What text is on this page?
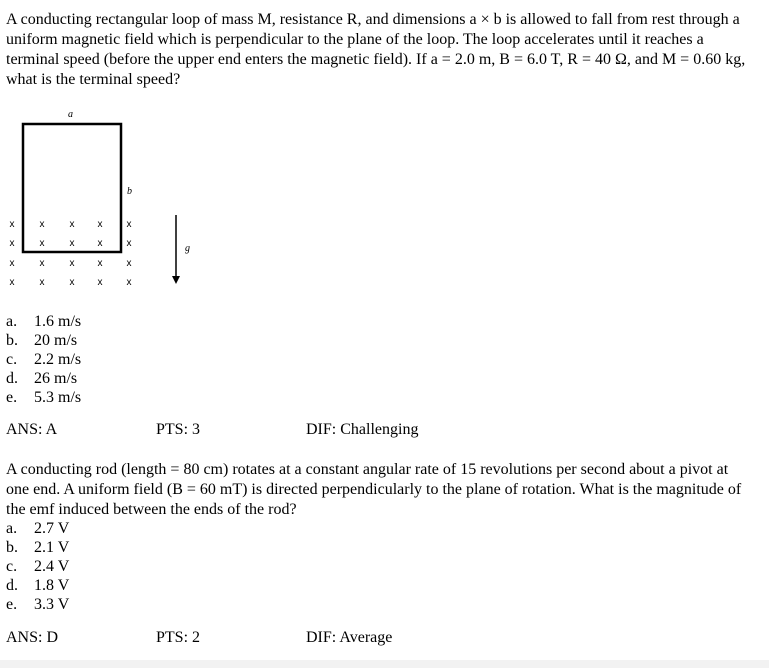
A conducting rectangular loop of mass M, resistance R, and dimensions a × b is allowed to fall from rest through a uniform magnetic field which is perpendicular to the plane of the loop. The loop accelerates until it reaches a terminal speed (before the upper end enters the magnetic field). If a = 2.0 m, B = 6.0 T, R = 40 Ω, and M = 0.60 kg, what is the terminal speed?

a
b
g
x	x	x x x
x	x	x x x
x	x	x x x
x	x	x x x
a. 1.6 m/s
b. 20 m/s
c. 2.2 m/s
d. 26 m/s
e. 5.3 m/s
ANS: A	PTS: 3	DIF: Challenging

A conducting rod (length = 80 cm) rotates at a constant angular rate of 15 revolutions per second about a pivot at one end. A uniform field (B = 60 mT) is directed perpendicularly to the plane of rotation. What is the magnitude of the emf induced between the ends of the rod?

a. 2.7 V
b. 2.1 V
c. 2.4 V
d. 1.8 V
e. 3.3 V
ANS: D	PTS: 2	DIF: Average
